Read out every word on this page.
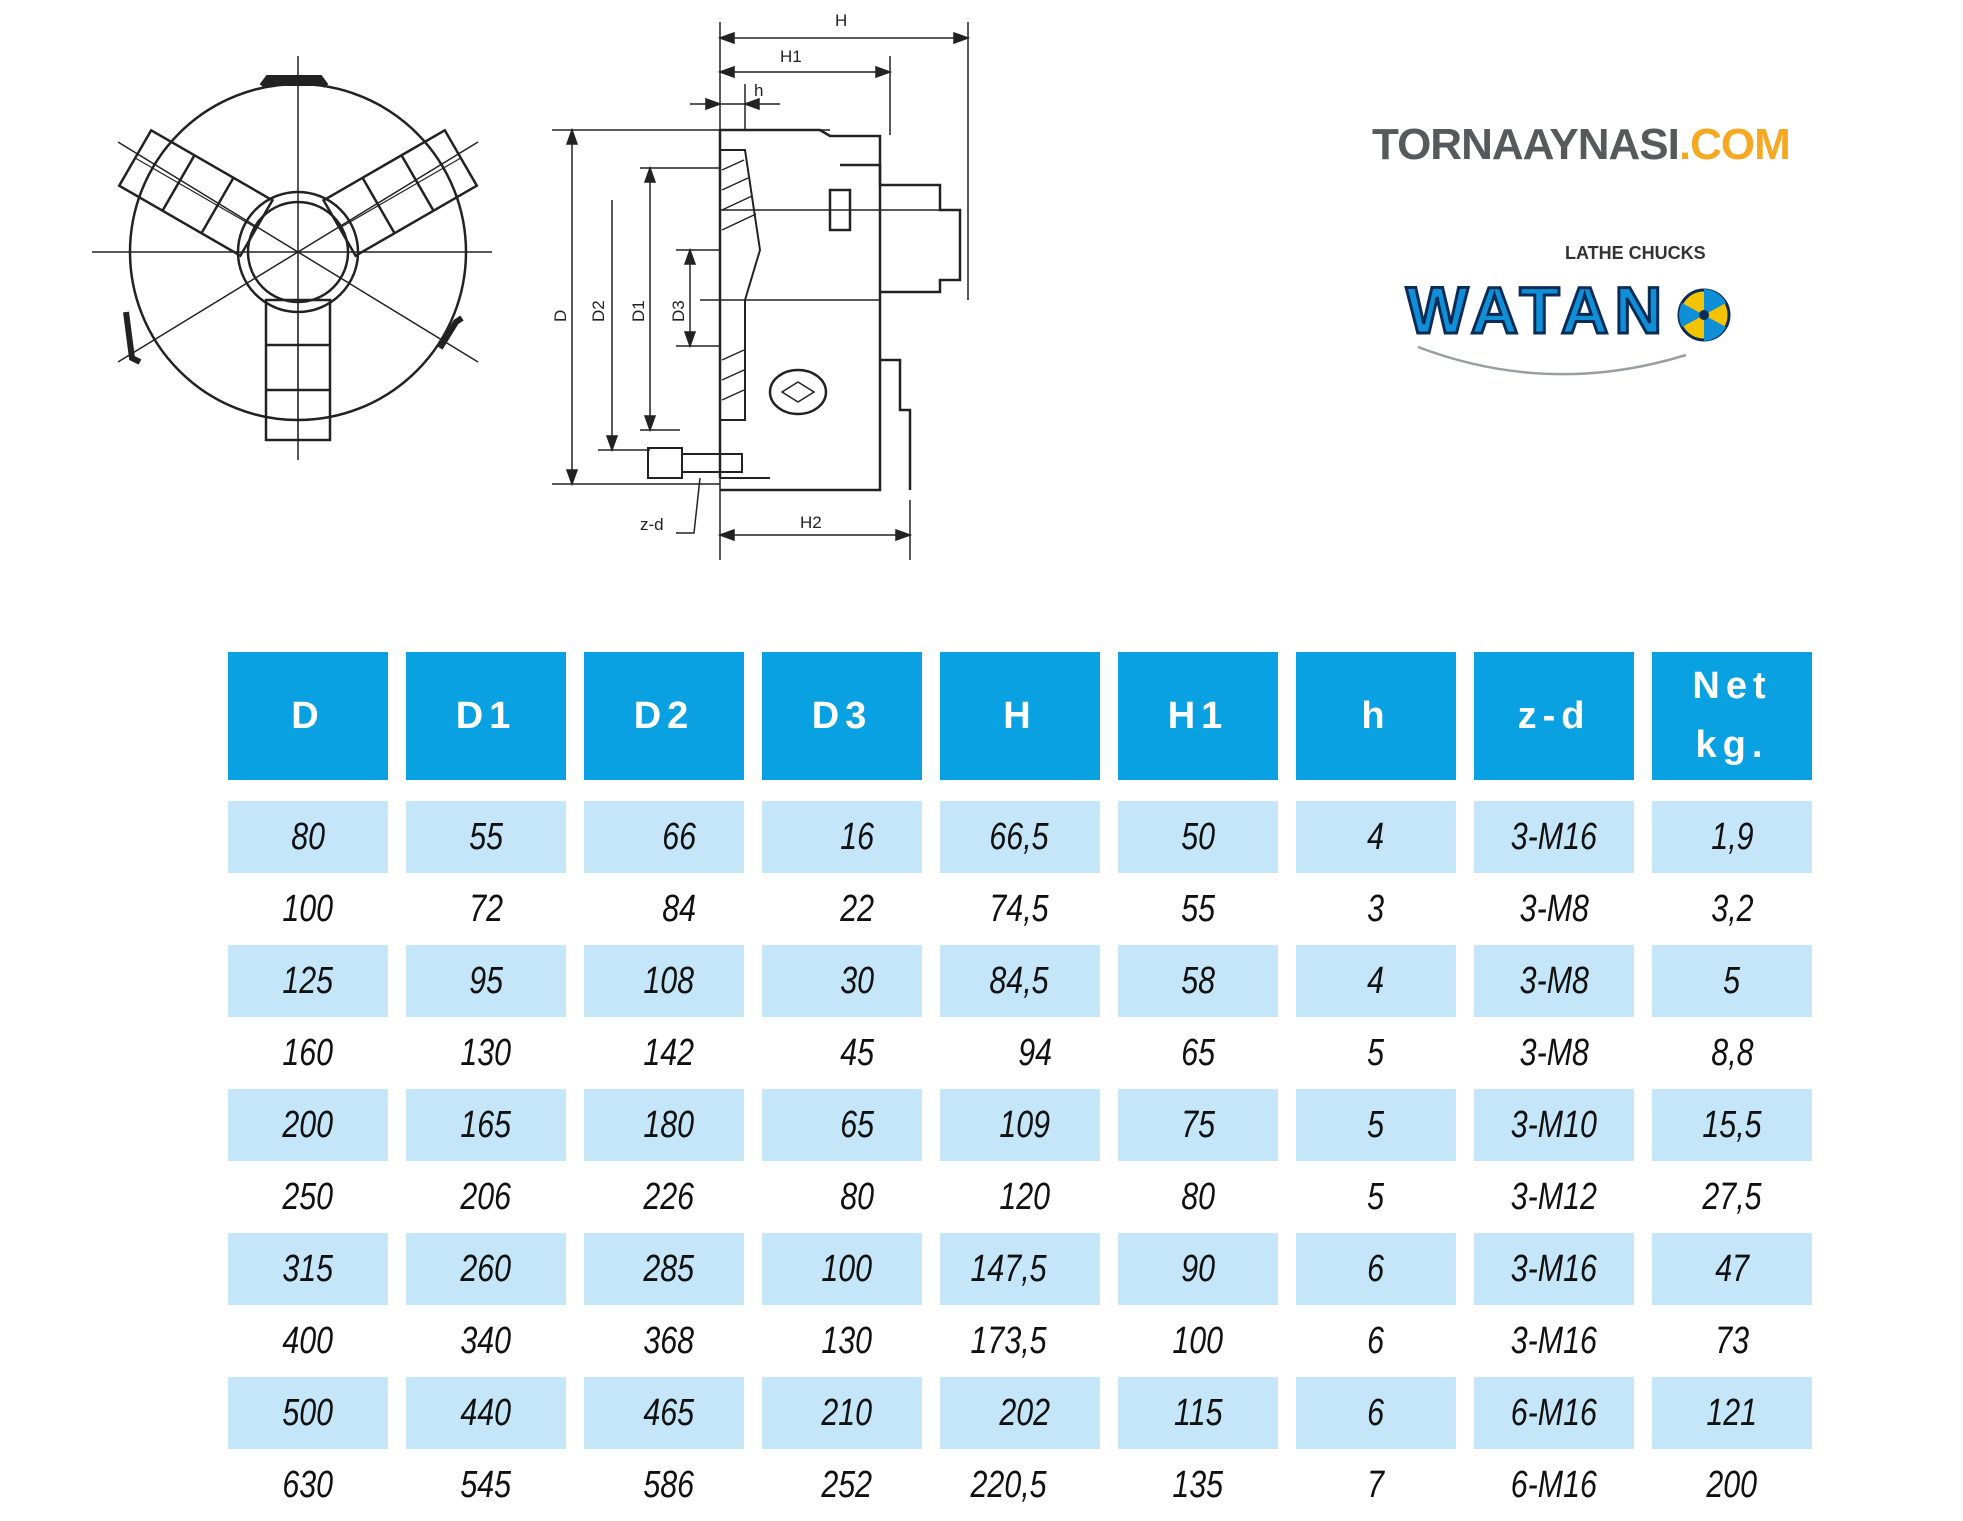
H
H1
h
H2
z-d
D D2 D1 D3
TORNAAYNASI.COM
LATHE CHUCKS
WATAN
D	D1	D2	D3	H	H1	h	z-d	Net kg.

80	55	66	16	66,5	50	4	3-M16	1,9
100	72	84	22	74,5	55	3	3-M8	3,2
125	95	108	30	84,5	58	4	3-M8	5
160	130	142	45	94	65	5	3-M8	8,8
200	165	180	65	109	75	5	3-M10	15,5
250	206	226	80	120	80	5	3-M12	27,5
315	260	285	100	147,5	90	6	3-M16	47
400	340	368	130	173,5	100	6	3-M16	73
500	440	465	210	202	115	6	6-M16	121
630	545	586	252	220,5	135	7	6-M16	200
